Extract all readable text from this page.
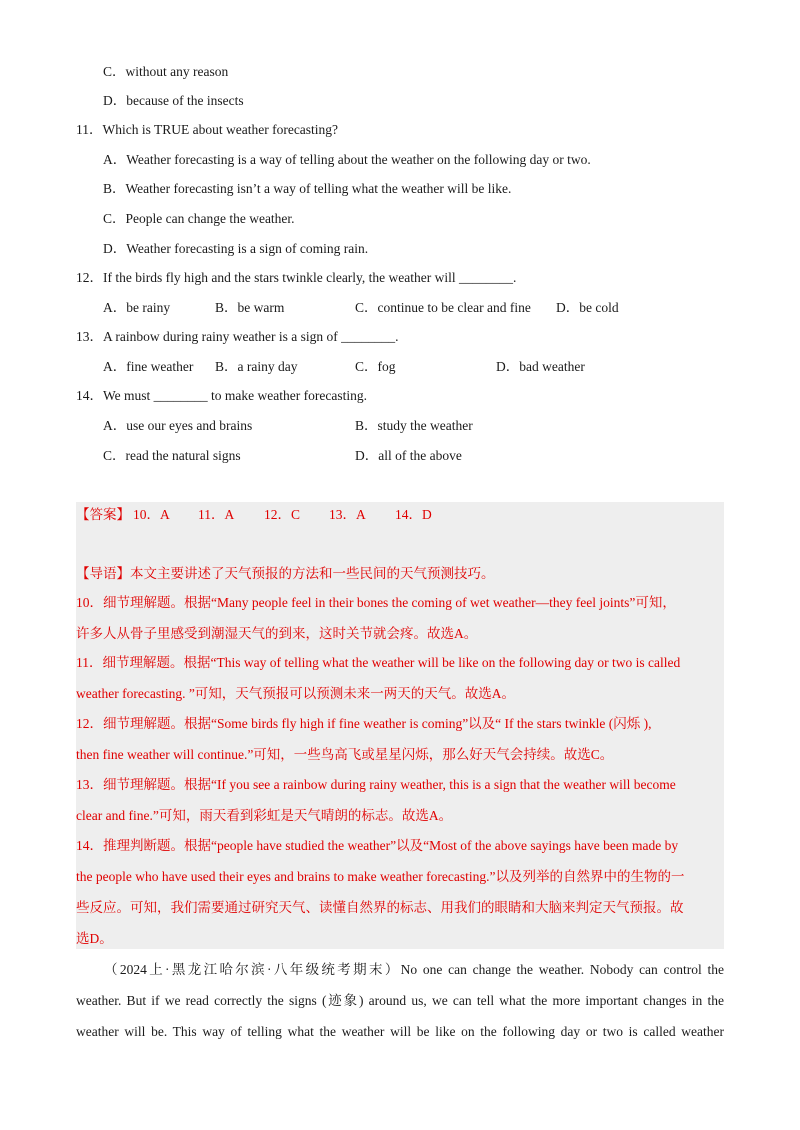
C．without any reason
D．because of the insects
11．Which is TRUE about weather forecasting?
A．Weather forecasting is a way of telling about the weather on the following day or two.
B．Weather forecasting isn’t a way of telling what the weather will be like.
C．People can change the weather.
D．Weather forecasting is a sign of coming rain.
12．If the birds fly high and the stars twinkle clearly, the weather will ________.
A．be rainy	B．be warm	C．continue to be clear and fine D．be cold
13．A rainbow during rainy weather is a sign of ________.
A．fine weather B．a rainy day	C．fog	D．bad weather
14．We must ________ to make weather forecasting.
A．use our eyes and brains	B．study the weather
C．read the natural signs	D．all of the above
【答案】 10．A 11．A 12．C 13．A 14．D
【导语】本文主要讲述了天气预报的方法和一些民间的天气预测技巧。
10．细节理解题。根据“Many people feel in their bones the coming of wet weather—they feel joints”可知，
许多人从骨子里感受到潮湿天气的到来，这时关节就会疼。故选A。
11．细节理解题。根据“This way of telling what the weather will be like on the following day or two is called
weather forecasting. ”可知，天气预报可以预测未来一两天的天气。故选A。
12．细节理解题。根据“Some birds fly high if fine weather is coming”以及“ If the stars twinkle (闪烁 ),
then fine weather will continue.”可知，一些鸟高飞或星星闪烁，那么好天气会持续。故选C。
13．细节理解题。根据“If you see a rainbow during rainy weather, this is a sign that the weather will become
clear and fine.”可知，雨天看到彩虹是天气晴朗的标志。故选A。
14．推理判断题。根据“people have studied the weather”以及“Most of the above sayings have been made by
the people who have used their eyes and brains to make weather forecasting.”以及列举的自然界中的生物的一
些反应。可知，我们需要通过研究天气、读懂自然界的标志、用我们的眼睛和大脑来判定天气预报。故
选D。
（2024上·黑龙江哈尔滨·八年级统考期末）No one can change the weather. Nobody can control the
weather. But if we read correctly the signs (迹象) around us, we can tell what the more important changes in the
weather will be. This way of telling what the weather will be like on the following day or two is called weather
